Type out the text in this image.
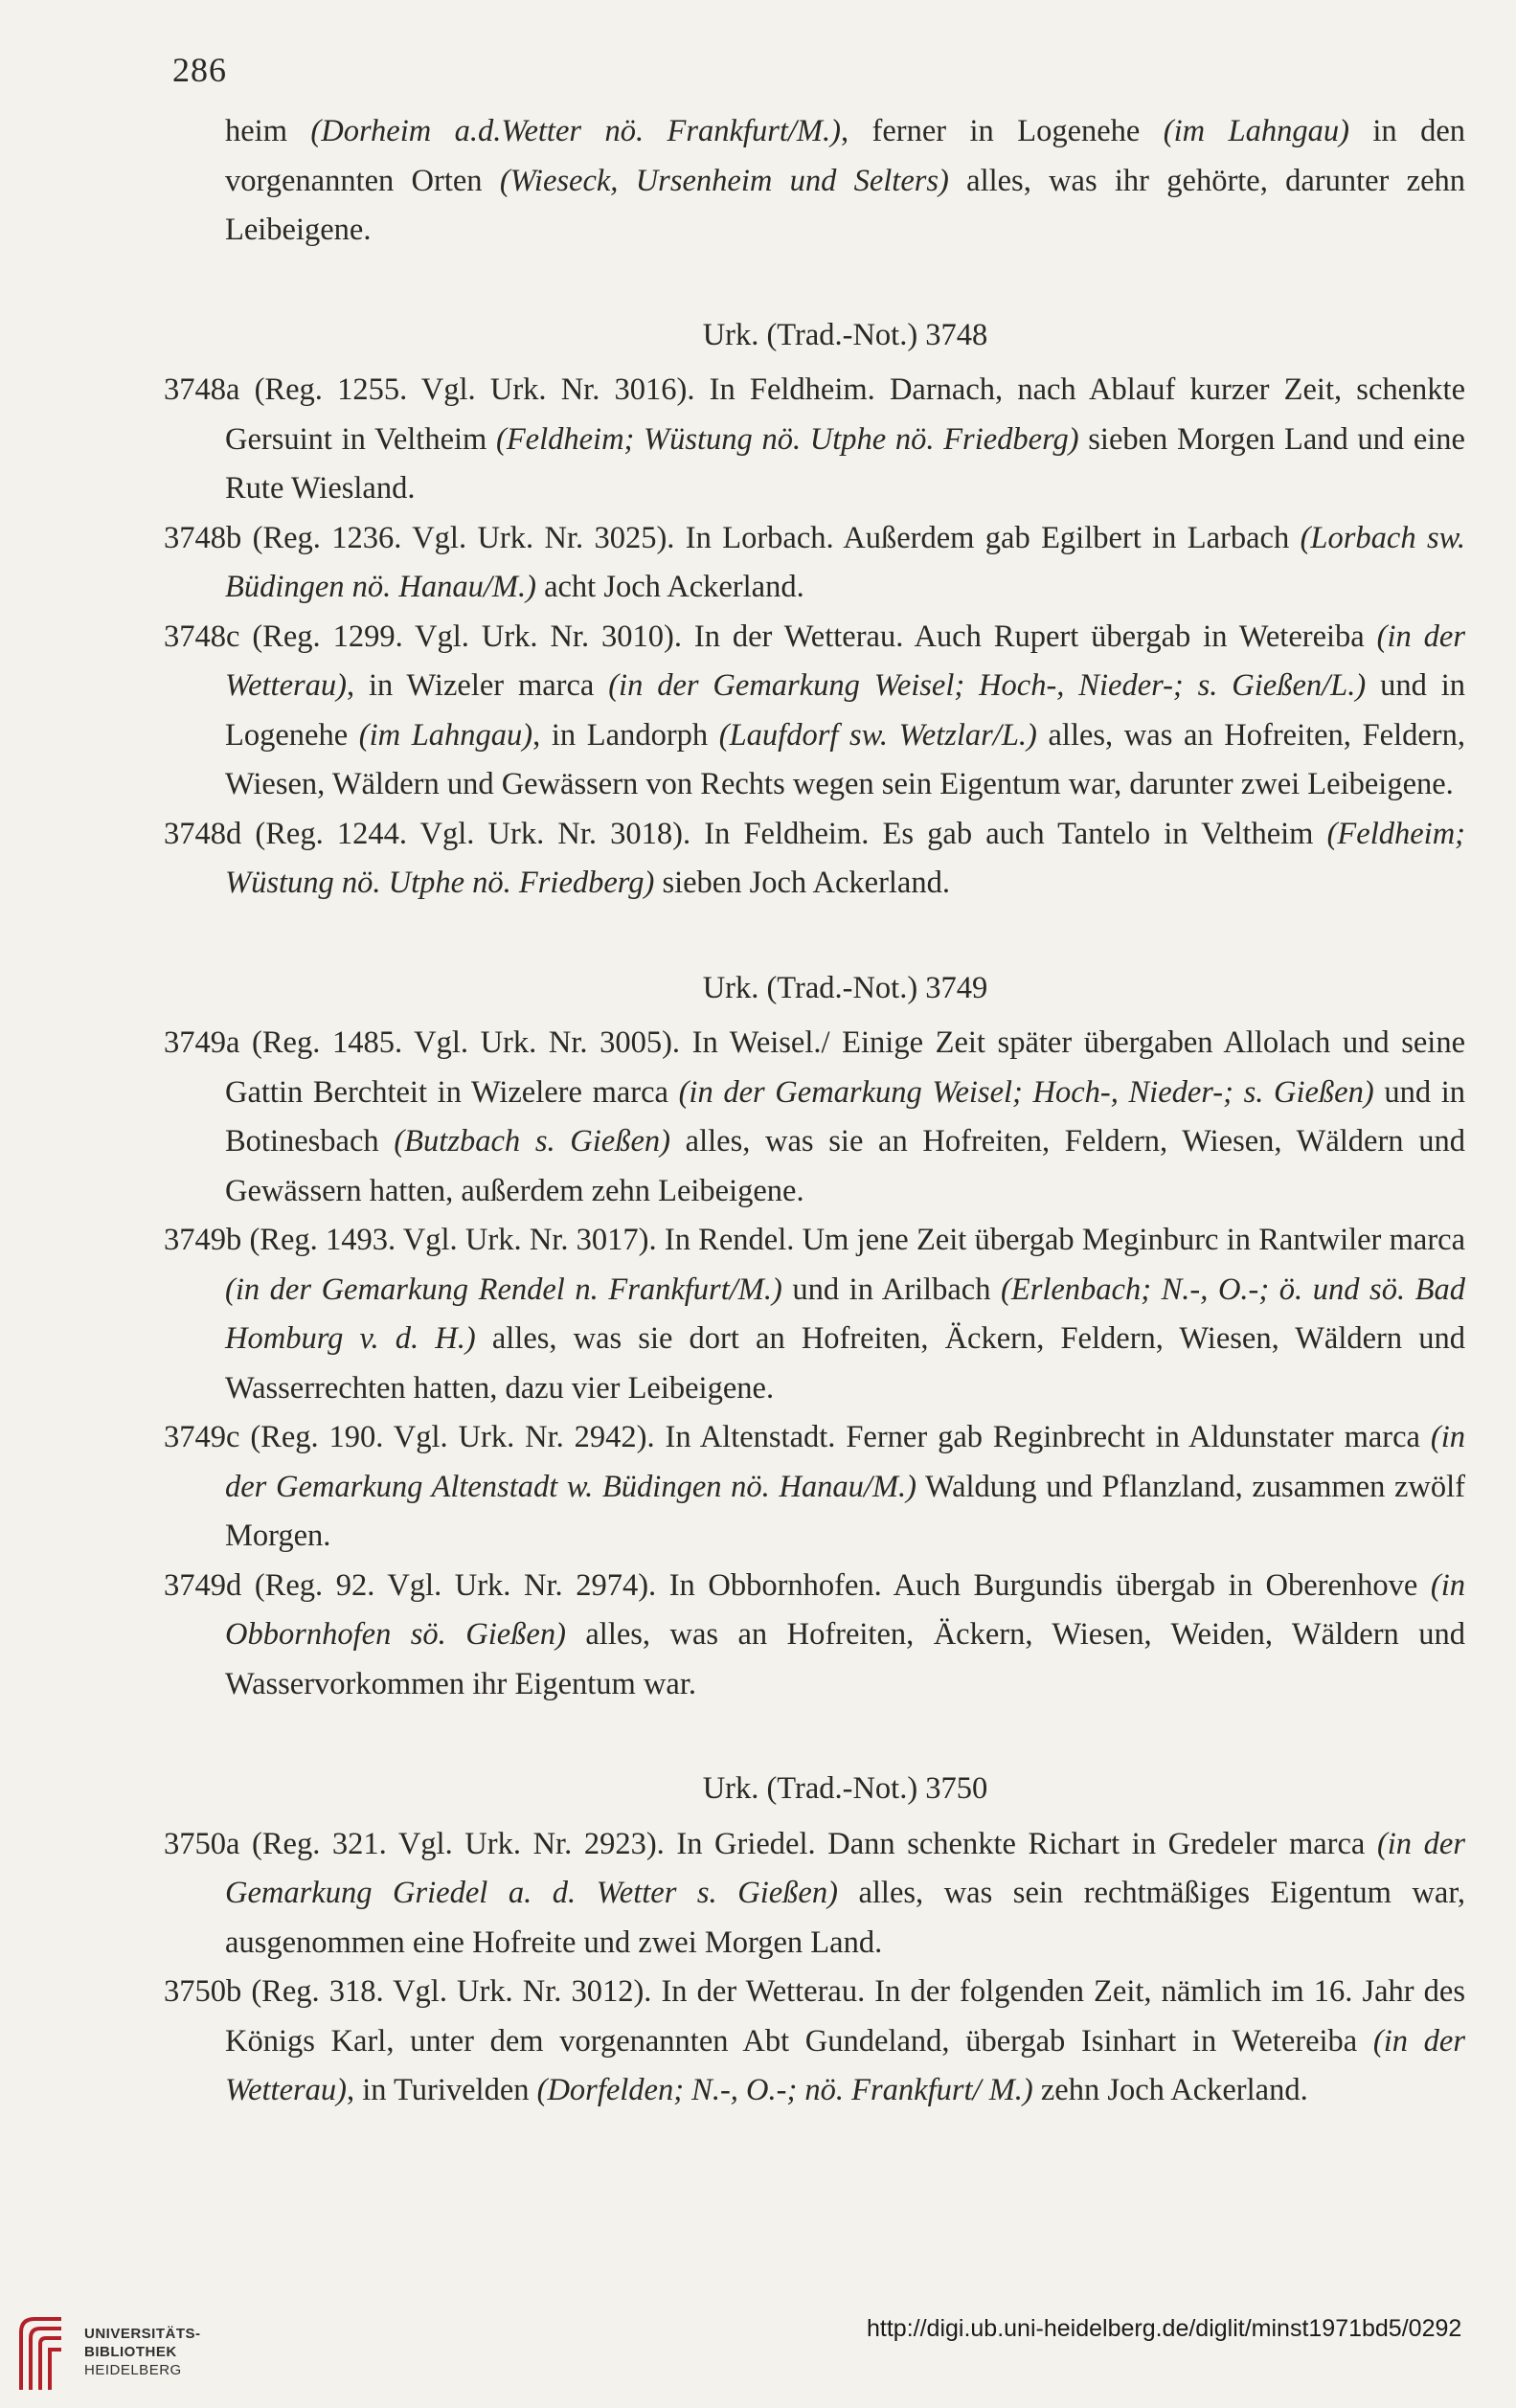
286

heim (Dorheim a.d.Wetter nö. Frankfurt/M.), ferner in Logenehe (im Lahngau) in den vorgenannten Orten (Wieseck, Ursenheim und Selters) alles, was ihr gehörte, darunter zehn Leibeigene.

Urk. (Trad.-Not.) 3748

3748a (Reg. 1255. Vgl. Urk. Nr. 3016). In Feldheim. Darnach, nach Ablauf kurzer Zeit, schenkte Gersuint in Veltheim (Feldheim; Wüstung nö. Utphe nö. Friedberg) sieben Morgen Land und eine Rute Wiesland.

3748b (Reg. 1236. Vgl. Urk. Nr. 3025). In Lorbach. Außerdem gab Egilbert in Larbach (Lorbach sw. Büdingen nö. Hanau/M.) acht Joch Ackerland.

3748c (Reg. 1299. Vgl. Urk. Nr. 3010). In der Wetterau. Auch Rupert übergab in Wetereiba (in der Wetterau), in Wizeler marca (in der Gemarkung Weisel; Hoch-, Nieder-; s. Gießen/L.) und in Logenehe (im Lahngau), in Landorph (Laufdorf sw. Wetzlar/L.) alles, was an Hofreiten, Feldern, Wiesen, Wäldern und Gewässern von Rechts wegen sein Eigentum war, darunter zwei Leibeigene.

3748d (Reg. 1244. Vgl. Urk. Nr. 3018). In Feldheim. Es gab auch Tantelo in Veltheim (Feldheim; Wüstung nö. Utphe nö. Friedberg) sieben Joch Ackerland.

Urk. (Trad.-Not.) 3749

3749a (Reg. 1485. Vgl. Urk. Nr. 3005). In Weisel./ Einige Zeit später übergaben Allolach und seine Gattin Berchteit in Wizelere marca (in der Gemarkung Weisel; Hoch-, Nieder-; s. Gießen) und in Botinesbach (Butzbach s. Gießen) alles, was sie an Hofreiten, Feldern, Wiesen, Wäldern und Gewässern hatten, außerdem zehn Leibeigene.

3749b (Reg. 1493. Vgl. Urk. Nr. 3017). In Rendel. Um jene Zeit übergab Meginburc in Rantwiler marca (in der Gemarkung Rendel n. Frankfurt/M.) und in Arilbach (Erlenbach; N.-, O.-; ö. und sö. Bad Homburg v. d. H.) alles, was sie dort an Hofreiten, Äckern, Feldern, Wiesen, Wäldern und Wasserrechten hatten, dazu vier Leibeigene.

3749c (Reg. 190. Vgl. Urk. Nr. 2942). In Altenstadt. Ferner gab Reginbrecht in Aldunstater marca (in der Gemarkung Altenstadt w. Büdingen nö. Hanau/M.) Waldung und Pflanzland, zusammen zwölf Morgen.

3749d (Reg. 92. Vgl. Urk. Nr. 2974). In Obbornhofen. Auch Burgundis übergab in Oberenhove (in Obbornhofen sö. Gießen) alles, was an Hofreiten, Äckern, Wiesen, Weiden, Wäldern und Wasservorkommen ihr Eigentum war.

Urk. (Trad.-Not.) 3750

3750a (Reg. 321. Vgl. Urk. Nr. 2923). In Griedel. Dann schenkte Richart in Gredeler marca (in der Gemarkung Griedel a. d. Wetter s. Gießen) alles, was sein rechtmäßiges Eigentum war, ausgenommen eine Hofreite und zwei Morgen Land.

3750b (Reg. 318. Vgl. Urk. Nr. 3012). In der Wetterau. In der folgenden Zeit, nämlich im 16. Jahr des Königs Karl, unter dem vorgenannten Abt Gundeland, übergab Isinhart in Wetereiba (in der Wetterau), in Turivelden (Dorfelden; N.-, O.-; nö. Frankfurt/ M.) zehn Joch Ackerland.

UNIVERSITÄTS-
BIBLIOTHEK
HEIDELBERG
http://digi.ub.uni-heidelberg.de/diglit/minst1971bd5/0292
